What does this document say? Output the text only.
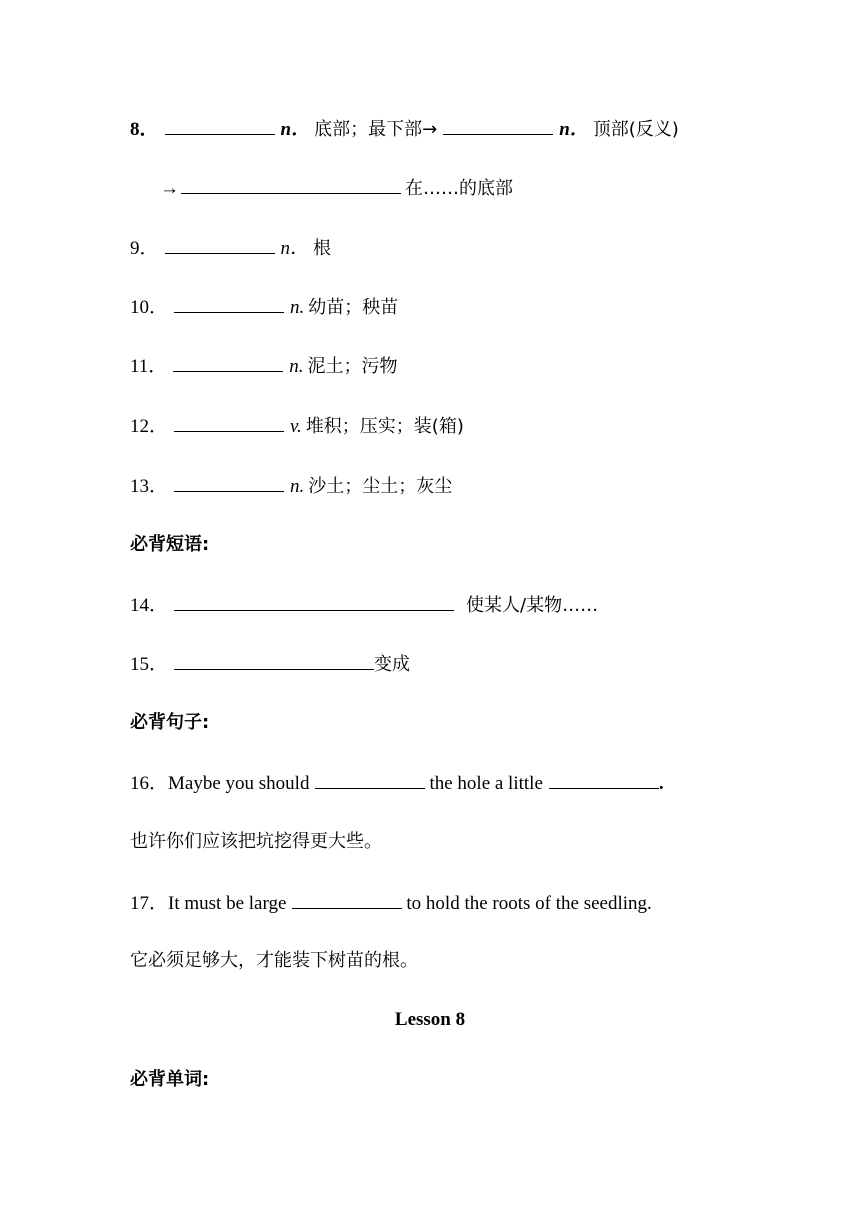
8．	n． 底部；最下部→	n． 顶部(反义)
→	在……的底部
9．	n． 根
10．	n. 幼苗；秧苗
11．	n. 泥土；污物
12．	v. 堆积；压实；装(箱)
13．	n. 沙土；尘土；灰尘
必背短语:
14．	使某人/某物……
15．	变成
必背句子:
16．Maybe you should	the hole a little	.
也许你们应该把坑挖得更大些。
17．It must be large	to hold the roots of the seedling.
它必须足够大，才能装下树苗的根。
Lesson 8
必背单词:
